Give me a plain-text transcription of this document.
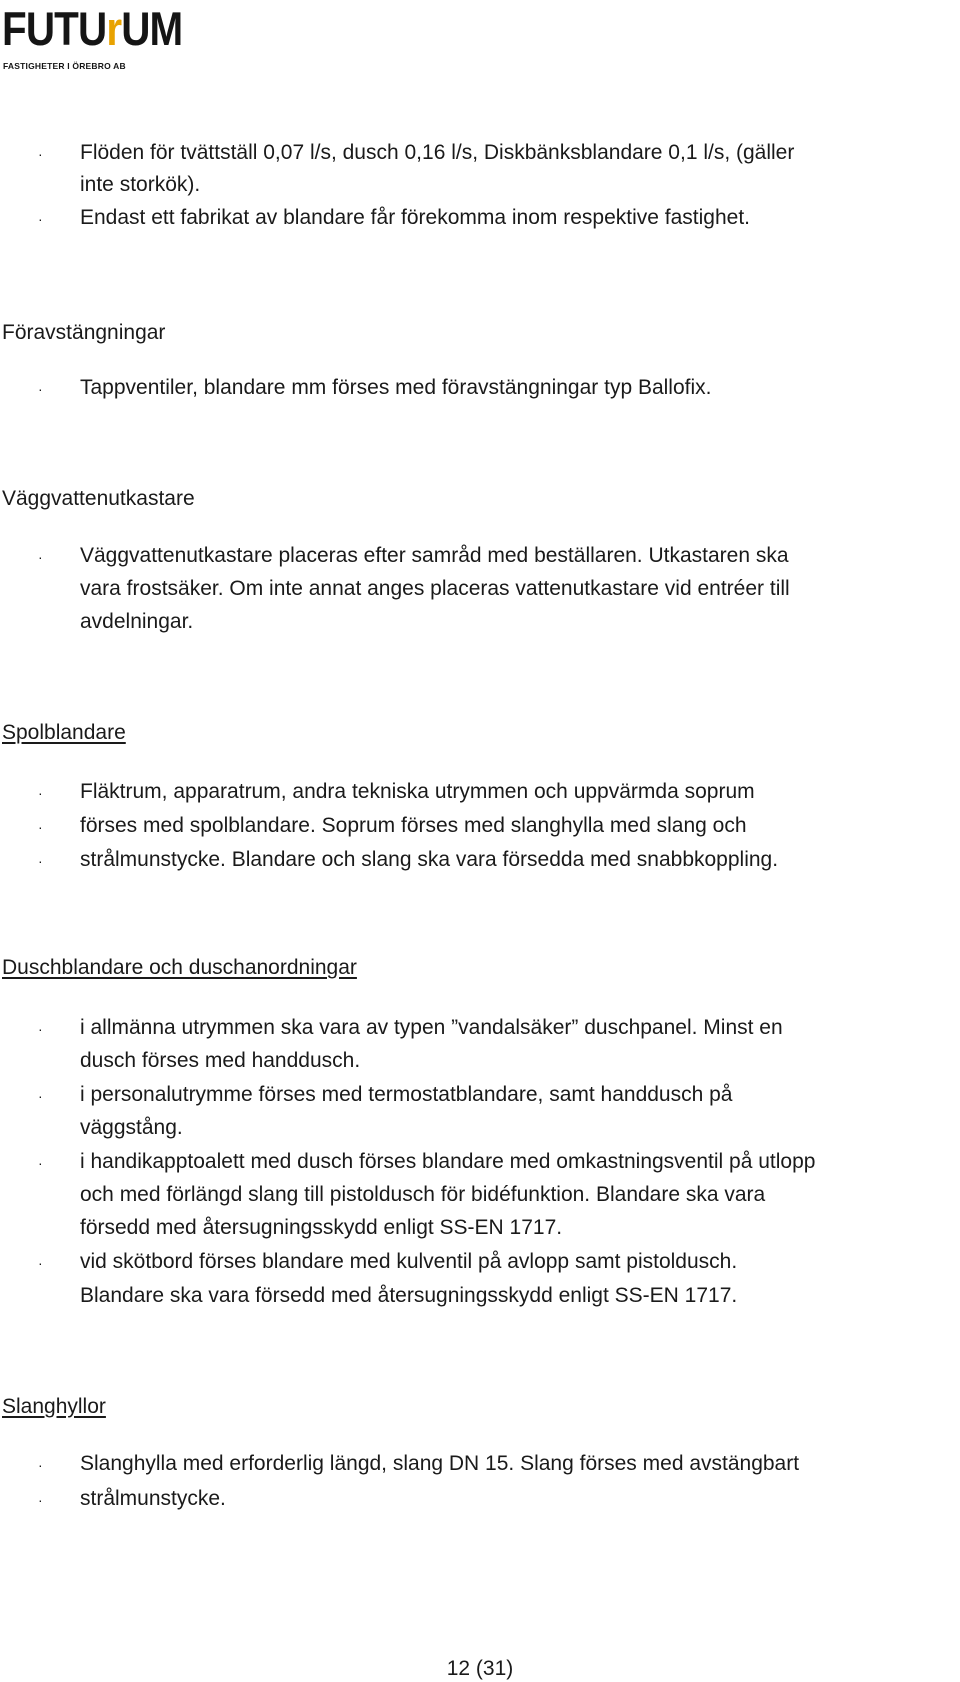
FUTUrUM
FASTIGHETER I ÖREBRO AB
· Flöden för tvättställ 0,07 l/s, dusch 0,16 l/s, Diskbänksblandare 0,1 l/s, (gäller
inte storkök).
· Endast ett fabrikat av blandare får förekomma inom respektive fastighet.
Föravstängningar
· Tappventiler, blandare mm förses med föravstängningar typ Ballofix.
Väggvattenutkastare
· Väggvattenutkastare placeras efter samråd med beställaren. Utkastaren ska
vara frostsäker. Om inte annat anges placeras vattenutkastare vid entréer till
avdelningar.
Spolblandare
· Fläktrum, apparatrum, andra tekniska utrymmen och uppvärmda soprum
· förses med spolblandare. Soprum förses med slanghylla med slang och
· strålmunstycke. Blandare och slang ska vara försedda med snabbkoppling.
Duschblandare och duschanordningar
· i allmänna utrymmen ska vara av typen ”vandalsäker” duschpanel. Minst en
dusch förses med handdusch.
· i personalutrymme förses med termostatblandare, samt handdusch på
väggstång.
· i handikapptoalett med dusch förses blandare med omkastningsventil på utlopp
och med förlängd slang till pistoldusch för bidéfunktion. Blandare ska vara
försedd med återsugningsskydd enligt SS-EN 1717.
· vid skötbord förses blandare med kulventil på avlopp samt pistoldusch.
Blandare ska vara försedd med återsugningsskydd enligt SS-EN 1717.
Slanghyllor
· Slanghylla med erforderlig längd, slang DN 15. Slang förses med avstängbart
· strålmunstycke.
12 (31)
